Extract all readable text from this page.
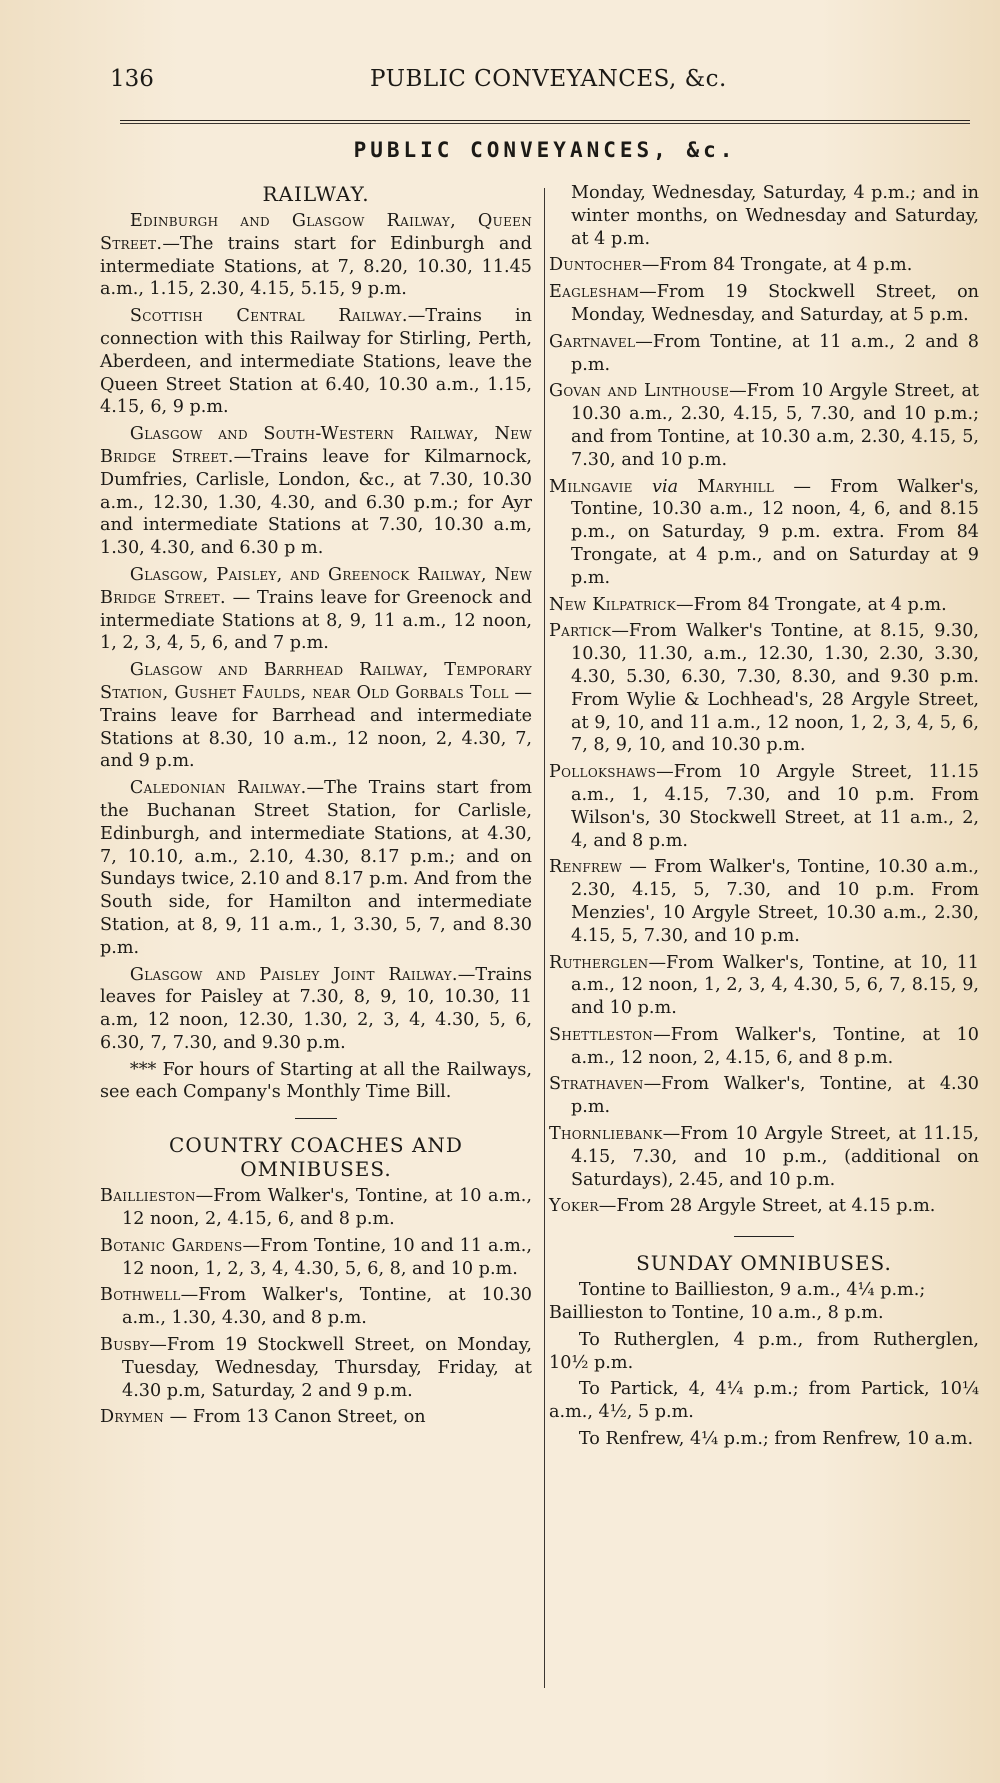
136	PUBLIC CONVEYANCES, &c.
PUBLIC CONVEYANCES, &c.
RAILWAY.

Edinburgh and Glasgow Railway, Queen Street.—The trains start for Edinburgh and intermediate Stations, at 7, 8.20, 10.30, 11.45 a.m., 1.15, 2.30, 4.15, 5.15, 9 p.m.

Scottish Central Railway.—Trains in connection with this Railway for Stirling, Perth, Aberdeen, and intermediate Stations, leave the Queen Street Station at 6.40, 10.30 a.m., 1.15, 4.15, 6, 9 p.m.

Glasgow and South-Western Railway, New Bridge Street.—Trains leave for Kilmarnock, Dumfries, Carlisle, London, &c., at 7.30, 10.30 a.m., 12.30, 1.30, 4.30, and 6.30 p.m.; for Ayr and intermediate Stations at 7.30, 10.30 a.m, 1.30, 4.30, and 6.30 p m.

Glasgow, Paisley, and Greenock Railway, New Bridge Street. — Trains leave for Greenock and intermediate Stations at 8, 9, 11 a.m., 12 noon, 1, 2, 3, 4, 5, 6, and 7 p.m.

Glasgow and Barrhead Railway, Temporary Station, Gushet Faulds, near Old Gorbals Toll — Trains leave for Barrhead and intermediate Stations at 8.30, 10 a.m., 12 noon, 2, 4.30, 7, and 9 p.m.

Caledonian Railway.—The Trains start from the Buchanan Street Station, for Carlisle, Edinburgh, and intermediate Stations, at 4.30, 7, 10.10, a.m., 2.10, 4.30, 8.17 p.m.; and on Sundays twice, 2.10 and 8.17 p.m. And from the South side, for Hamilton and intermediate Station, at 8, 9, 11 a.m., 1, 3.30, 5, 7, and 8.30 p.m.

Glasgow and Paisley Joint Railway.—Trains leaves for Paisley at 7.30, 8, 9, 10, 10.30, 11 a.m, 12 noon, 12.30, 1.30, 2, 3, 4, 4.30, 5, 6, 6.30, 7, 7.30, and 9.30 p.m.

*** For hours of Starting at all the Railways, see each Company's Monthly Time Bill.

COUNTRY COACHES AND OMNIBUSES.

Baillieston—From Walker's, Tontine, at 10 a.m., 12 noon, 2, 4.15, 6, and 8 p.m.

Botanic Gardens—From Tontine, 10 and 11 a.m., 12 noon, 1, 2, 3, 4, 4.30, 5, 6, 8, and 10 p.m.

Bothwell—From Walker's, Tontine, at 10.30 a.m., 1.30, 4.30, and 8 p.m.

Busby—From 19 Stockwell Street, on Monday, Tuesday, Wednesday, Thursday, Friday, at 4.30 p.m, Saturday, 2 and 9 p.m.

Drymen — From 13 Canon Street, on

Monday, Wednesday, Saturday, 4 p.m.; and in winter months, on Wednesday and Saturday, at 4 p.m.

Duntocher—From 84 Trongate, at 4 p.m.

Eaglesham—From 19 Stockwell Street, on Monday, Wednesday, and Saturday, at 5 p.m.

Gartnavel—From Tontine, at 11 a.m., 2 and 8 p.m.

Govan and Linthouse—From 10 Argyle Street, at 10.30 a.m., 2.30, 4.15, 5, 7.30, and 10 p.m.; and from Tontine, at 10.30 a.m, 2.30, 4.15, 5, 7.30, and 10 p.m.

Milngavie via Maryhill — From Walker's, Tontine, 10.30 a.m., 12 noon, 4, 6, and 8.15 p.m., on Saturday, 9 p.m. extra. From 84 Trongate, at 4 p.m., and on Saturday at 9 p.m.

New Kilpatrick—From 84 Trongate, at 4 p.m.

Partick—From Walker's Tontine, at 8.15, 9.30, 10.30, 11.30, a.m., 12.30, 1.30, 2.30, 3.30, 4.30, 5.30, 6.30, 7.30, 8.30, and 9.30 p.m. From Wylie & Lochhead's, 28 Argyle Street, at 9, 10, and 11 a.m., 12 noon, 1, 2, 3, 4, 5, 6, 7, 8, 9, 10, and 10.30 p.m.

Pollokshaws—From 10 Argyle Street, 11.15 a.m., 1, 4.15, 7.30, and 10 p.m. From Wilson's, 30 Stockwell Street, at 11 a.m., 2, 4, and 8 p.m.

Renfrew — From Walker's, Tontine, 10.30 a.m., 2.30, 4.15, 5, 7.30, and 10 p.m. From Menzies', 10 Argyle Street, 10.30 a.m., 2.30, 4.15, 5, 7.30, and 10 p.m.

Rutherglen—From Walker's, Tontine, at 10, 11 a.m., 12 noon, 1, 2, 3, 4, 4.30, 5, 6, 7, 8.15, 9, and 10 p.m.

Shettleston—From Walker's, Tontine, at 10 a.m., 12 noon, 2, 4.15, 6, and 8 p.m.

Strathaven—From Walker's, Tontine, at 4.30 p.m.

Thornliebank—From 10 Argyle Street, at 11.15, 4.15, 7.30, and 10 p.m., (additional on Saturdays), 2.45, and 10 p.m.

Yoker—From 28 Argyle Street, at 4.15 p.m.

SUNDAY OMNIBUSES.

Tontine to Baillieston, 9 a.m., 4¼ p.m.;

Baillieston to Tontine, 10 a.m., 8 p.m.

To Rutherglen, 4 p.m., from Rutherglen, 10½ p.m.

To Partick, 4, 4¼ p.m.; from Partick, 10¼ a.m., 4½, 5 p.m.

To Renfrew, 4¼ p.m.; from Renfrew, 10 a.m.
